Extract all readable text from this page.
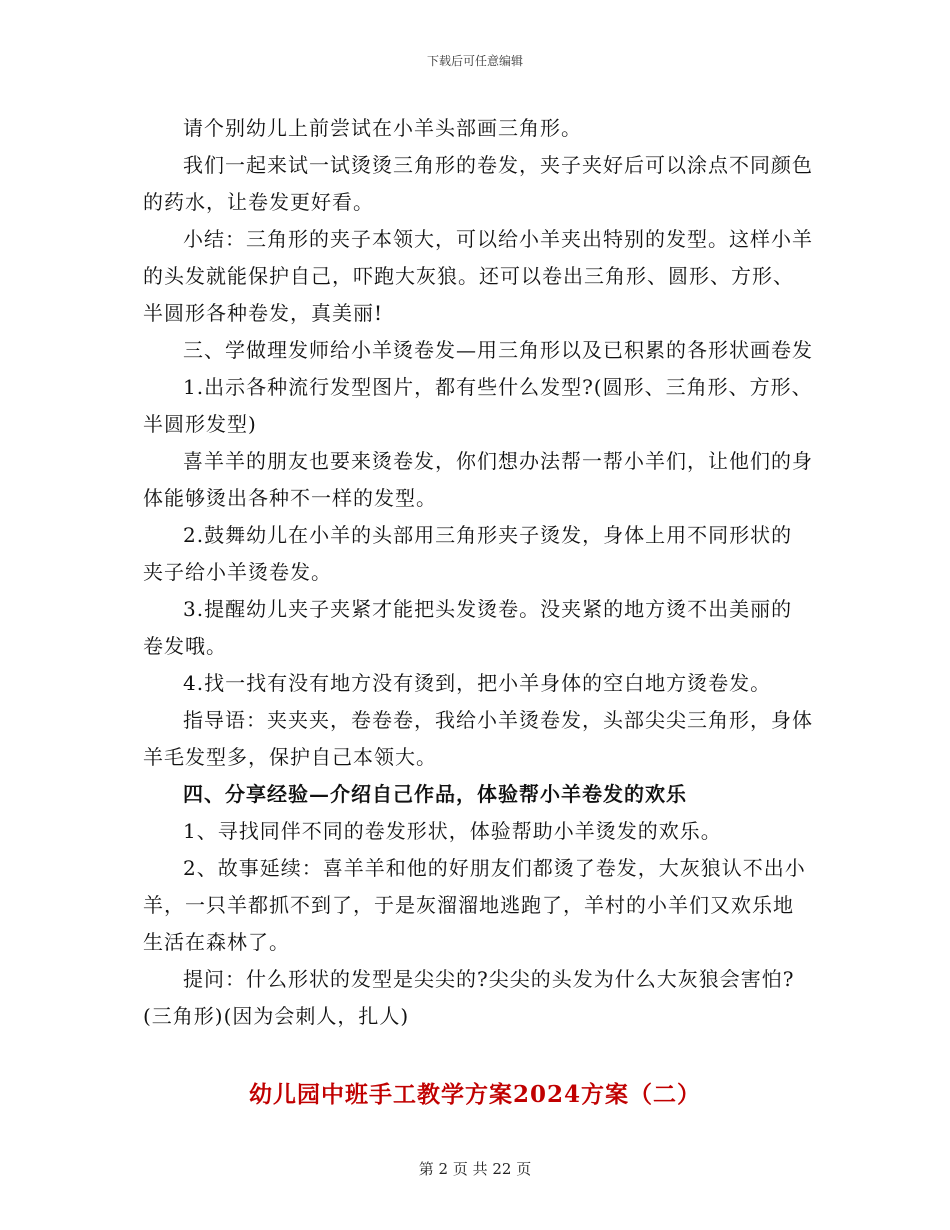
下载后可任意编辑

请个别幼儿上前尝试在小羊头部画三角形。

我们一起来试一试烫烫三角形的卷发，夹子夹好后可以涂点不同颜色的药水，让卷发更好看。

小结：三角形的夹子本领大，可以给小羊夹出特别的发型。这样小羊的头发就能保护自己，吓跑大灰狼。还可以卷出三角形、圆形、方形、半圆形各种卷发，真美丽!

三、学做理发师给小羊烫卷发—用三角形以及已积累的各形状画卷发

1.出示各种流行发型图片，都有些什么发型?(圆形、三角形、方形、半圆形发型)

喜羊羊的朋友也要来烫卷发，你们想办法帮一帮小羊们，让他们的身体能够烫出各种不一样的发型。

2.鼓舞幼儿在小羊的头部用三角形夹子烫发，身体上用不同形状的夹子给小羊烫卷发。

3.提醒幼儿夹子夹紧才能把头发烫卷。没夹紧的地方烫不出美丽的卷发哦。

4.找一找有没有地方没有烫到，把小羊身体的空白地方烫卷发。

指导语：夹夹夹，卷卷卷，我给小羊烫卷发，头部尖尖三角形，身体羊毛发型多，保护自己本领大。

四、分享经验—介绍自己作品，体验帮小羊卷发的欢乐

1、寻找同伴不同的卷发形状，体验帮助小羊烫发的欢乐。

2、故事延续：喜羊羊和他的好朋友们都烫了卷发，大灰狼认不出小羊，一只羊都抓不到了，于是灰溜溜地逃跑了，羊村的小羊们又欢乐地生活在森林了。

提问：什么形状的发型是尖尖的?尖尖的头发为什么大灰狼会害怕?(三角形)(因为会刺人，扎人)

幼儿园中班手工教学方案2024方案（二）
第 2 页 共 22 页
